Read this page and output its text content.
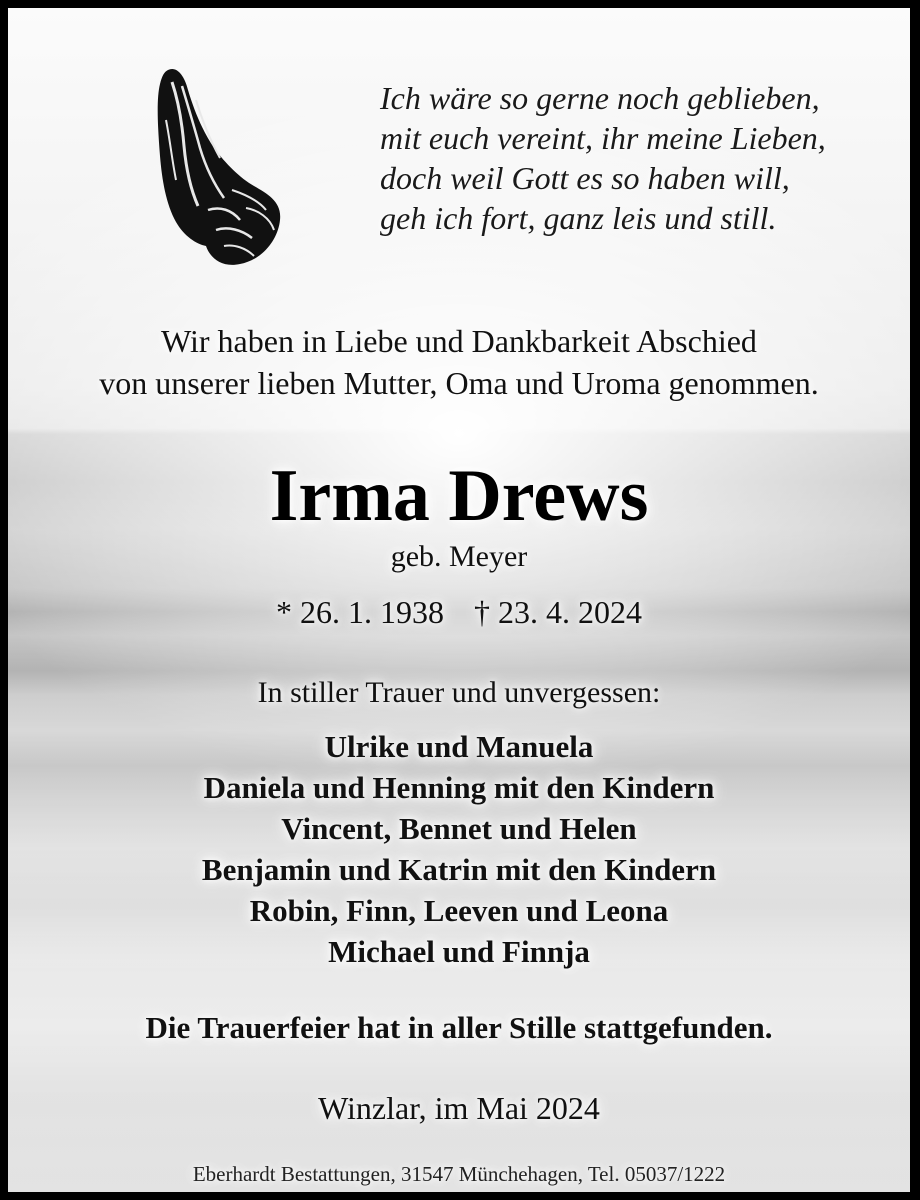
Ich wäre so gerne noch geblieben,
mit euch vereint, ihr meine Lieben,
doch weil Gott es so haben will,
geh ich fort, ganz leis und still.
Wir haben in Liebe und Dankbarkeit Abschied
von unserer lieben Mutter, Oma und Uroma genommen.
Irma Drews
geb. Meyer
* 26. 1. 1938 † 23. 4. 2024
In stiller Trauer und unvergessen:
Ulrike und Manuela
Daniela und Henning mit den Kindern
Vincent, Bennet und Helen
Benjamin und Katrin mit den Kindern
Robin, Finn, Leeven und Leona
Michael und Finnja
Die Trauerfeier hat in aller Stille stattgefunden.
Winzlar, im Mai 2024
Eberhardt Bestattungen, 31547 Münchehagen, Tel. 05037/1222
